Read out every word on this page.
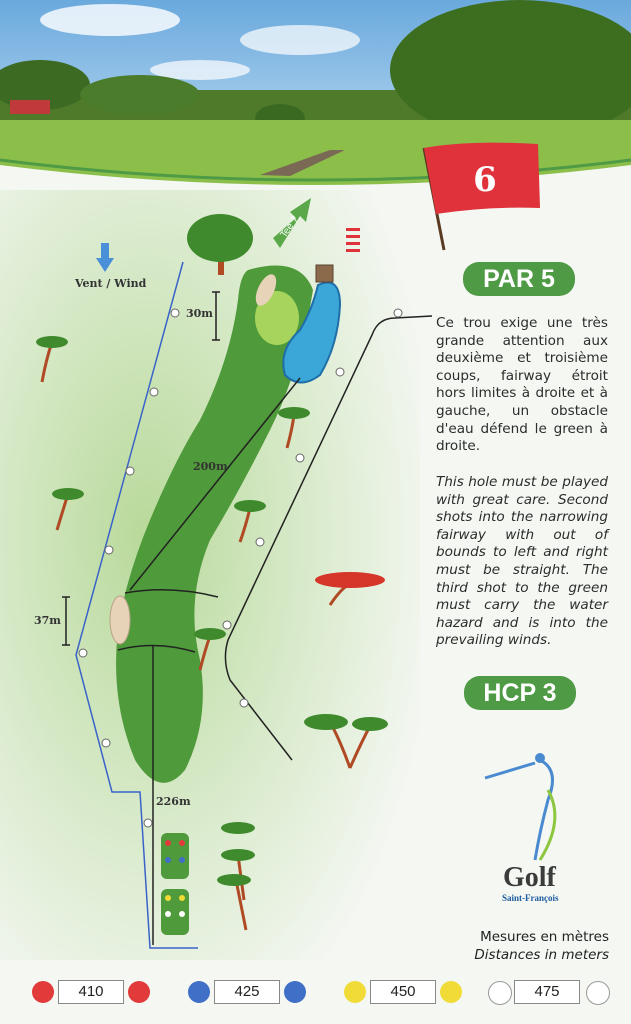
Tee 7
6
PAR 5
HCP 3
Ce trou exige une très grande attention aux deuxième et troisième coups, fairway étroit hors limites à droite et à gauche, un obstacle d'eau défend le green à droite.
This hole must be played with great care. Second shots into the narrowing fairway with out of bounds to left and right must be straight. The third shot to the green must carry the water hazard and is into the prevailing winds.
Vent / Wind
30m
200m
37m
226m
Golf
Saint-François
Mesures en mètres
Distances in meters
410	425	450	475
